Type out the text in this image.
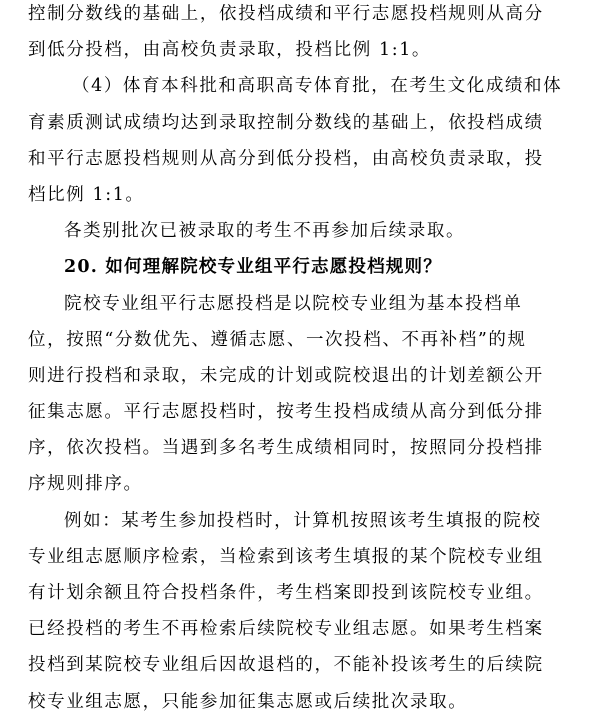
控制分数线的基础上，依投档成绩和平行志愿投档规则从高分
到低分投档，由高校负责录取，投档比例 1:1。
（4）体育本科批和高职高专体育批，在考生文化成绩和体
育素质测试成绩均达到录取控制分数线的基础上，依投档成绩
和平行志愿投档规则从高分到低分投档，由高校负责录取，投
档比例 1:1。
各类别批次已被录取的考生不再参加后续录取。
20. 如何理解院校专业组平行志愿投档规则？
院校专业组平行志愿投档是以院校专业组为基本投档单
位，按照“分数优先、遵循志愿、一次投档、不再补档”的规
则进行投档和录取，未完成的计划或院校退出的计划差额公开
征集志愿。平行志愿投档时，按考生投档成绩从高分到低分排
序，依次投档。当遇到多名考生成绩相同时，按照同分投档排
序规则排序。
例如：某考生参加投档时，计算机按照该考生填报的院校
专业组志愿顺序检索，当检索到该考生填报的某个院校专业组
有计划余额且符合投档条件，考生档案即投到该院校专业组。
已经投档的考生不再检索后续院校专业组志愿。如果考生档案
投档到某院校专业组后因故退档的，不能补投该考生的后续院
校专业组志愿，只能参加征集志愿或后续批次录取。
